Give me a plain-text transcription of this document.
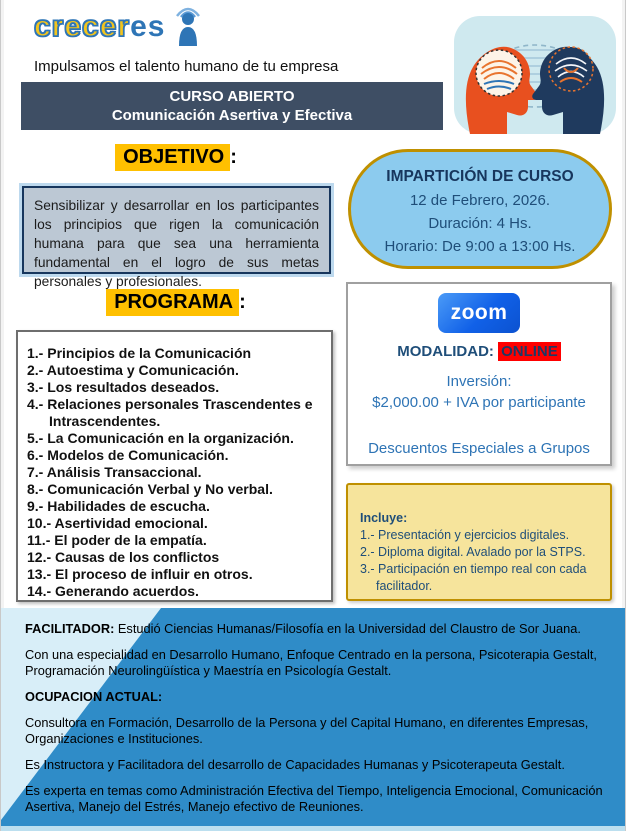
crecer es
Impulsamos el talento humano de tu empresa
CURSO ABIERTO
Comunicación Asertiva y Efectiva
OBJETIVO :

Sensibilizar y desarrollar en los participantes los principios que rigen la comunicación humana para que sea una herramienta fundamental en el logro de sus metas personales y profesionales.

IMPARTICIÓN DE CURSO
12 de Febrero, 2026.
Duración: 4 Hs.
Horario: De 9:00 a 13:00 Hs.
PROGRAMA :
1.- Principios de la Comunicación
2.- Autoestima y Comunicación.
3.- Los resultados deseados.
4.- Relaciones personales Trascendentes e Intrascendentes.
5.- La Comunicación en la organización.
6.- Modelos de Comunicación.
7.- Análisis Transaccional.
8.- Comunicación Verbal y No verbal.
9.- Habilidades de escucha.
10.- Asertividad emocional.
11.- El poder de la empatía.
12.- Causas de los conflictos
13.- El proceso de influir en otros.
14.- Generando acuerdos.
zoom
MODALIDAD: ONLINE
Inversión:
$2,000.00 + IVA por participante
Descuentos Especiales a Grupos
Incluye:
1.- Presentación y ejercicios digitales.
2.- Diploma digital. Avalado por la STPS.
3.- Participación en tiempo real con cada facilitador.

FACILITADOR: Estudió Ciencias Humanas/Filosofía en la Universidad del Claustro de Sor Juana.

Con una especialidad en Desarrollo Humano, Enfoque Centrado en la persona, Psicoterapia Gestalt, Programación Neurolingüística y Maestría en Psicología Gestalt.

OCUPACION ACTUAL:

Consultora en Formación, Desarrollo de la Persona y del Capital Humano, en diferentes Empresas, Organizaciones e Instituciones.

Es Instructora y Facilitadora del desarrollo de Capacidades Humanas y Psicoterapeuta Gestalt.

Es experta en temas como Administración Efectiva del Tiempo, Inteligencia Emocional, Comunicación Asertiva, Manejo del Estrés, Manejo efectivo de Reuniones.
